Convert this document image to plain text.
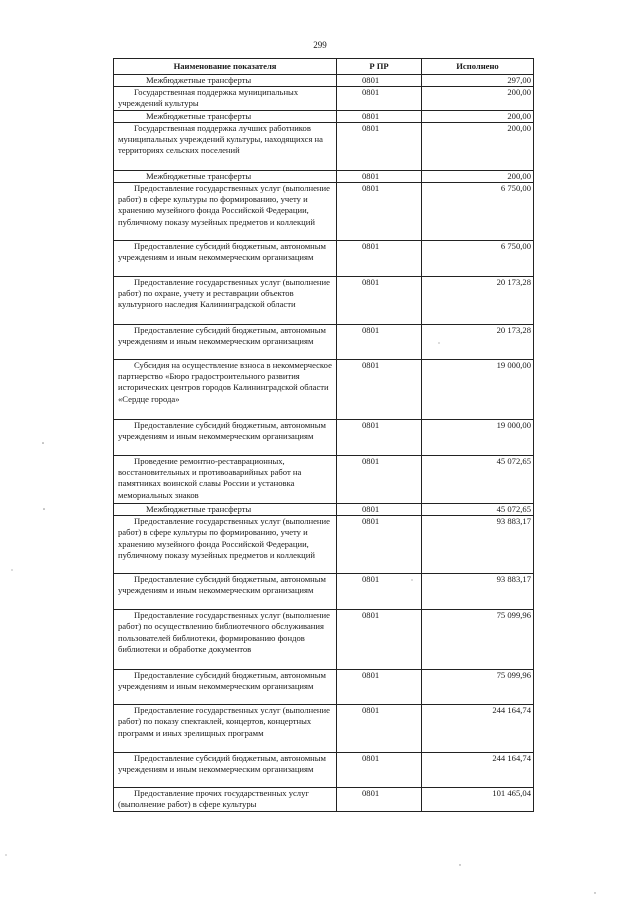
299
Наименование показателя	Р ПР	Исполнено
Межбюджетные трансферты	0801	297,00
Государственная поддержка муниципальных учреждений культуры	0801	200,00
Межбюджетные трансферты	0801	200,00
Государственная поддержка лучших работников муниципальных учреждений культуры, находящихся на территориях сельских поселений	0801	200,00
Межбюджетные трансферты	0801	200,00
Предоставление государственных услуг (выполнение работ) в сфере культуры по формированию, учету и хранению музейного фонда Российской Федерации, публичному показу музейных предметов и коллекций	0801	6 750,00
Предоставление субсидий бюджетным, автономным учреждениям и иным некоммерческим организациям	0801	6 750,00
Предоставление государственных услуг (выполнение работ) по охране, учету и реставрации объектов культурного наследия Калининградской области	0801	20 173,28
Предоставление субсидий бюджетным, автономным учреждениям и иным некоммерческим организациям	0801	20 173,28
Субсидия на осуществление взноса в некоммерческое партнерство «Бюро градостроительного развития исторических центров городов Калининградской области «Сердце города»	0801	19 000,00
Предоставление субсидий бюджетным, автономным учреждениям и иным некоммерческим организациям	0801	19 000,00
Проведение ремонтно-реставрационных, восстановительных и противоаварийных работ на памятниках воинской славы России и установка мемориальных знаков	0801	45 072,65
Межбюджетные трансферты	0801	45 072,65
Предоставление государственных услуг (выполнение работ) в сфере культуры по формированию, учету и хранению музейного фонда Российской Федерации, публичному показу музейных предметов и коллекций	0801	93 883,17
Предоставление субсидий бюджетным, автономным учреждениям и иным некоммерческим организациям	0801	93 883,17
Предоставление государственных услуг (выполнение работ) по осуществлению библиотечного обслуживания пользователей библиотеки, формированию фондов библиотеки и обработке документов	0801	75 099,96
Предоставление субсидий бюджетным, автономным учреждениям и иным некоммерческим организациям	0801	75 099,96
Предоставление государственных услуг (выполнение работ) по показу спектаклей, концертов, концертных программ и иных зрелищных программ	0801	244 164,74
Предоставление субсидий бюджетным, автономным учреждениям и иным некоммерческим организациям	0801	244 164,74
Предоставление прочих государственных услуг (выполнение работ) в сфере культуры	0801	101 465,04
